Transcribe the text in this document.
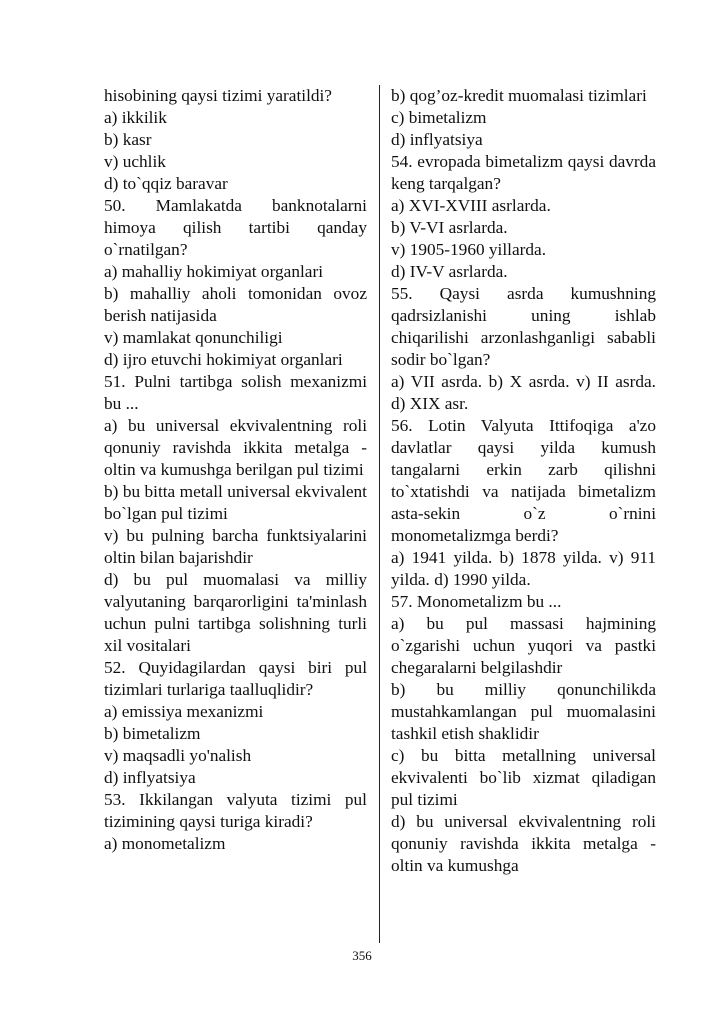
hisobining qaysi tizimi yaratildi?

a) ikkilik

b) kasr

v) uchlik

d) to`qqiz baravar

50. Mamlakatda banknotalarni himoya qilish tartibi qanday o`rnatilgan?

a) mahalliy hokimiyat organlari

b) mahalliy aholi tomonidan ovoz berish natijasida

v) mamlakat qonunchiligi

d) ijro etuvchi hokimiyat organlari

51. Pulni tartibga solish mexanizmi bu ...

a) bu universal ekvivalentning roli qonuniy ravishda ikkita metalga - oltin va kumushga berilgan pul tizimi

b) bu bitta metall universal ekvivalent bo`lgan pul tizimi

v) bu pulning barcha funktsiyalarini oltin bilan bajarishdir

d) bu pul muomalasi va milliy valyutaning barqarorligini ta'minlash uchun pulni tartibga solishning turli xil vositalari

52. Quyidagilardan qaysi biri pul tizimlari turlariga taalluqlidir?

a) emissiya mexanizmi

b) bimetalizm

v) maqsadli yo'nalish

d) inflyatsiya

53. Ikkilangan valyuta tizimi pul tizimining qaysi turiga kiradi?

a) monometalizm

b) qog’oz-kredit muomalasi tizimlari

c) bimetalizm

d) inflyatsiya

54. evropada bimetalizm qaysi davrda keng tarqalgan?

a) XVI-XVIII asrlarda.

b) V-VI asrlarda.

v) 1905-1960 yillarda.

d) IV-V asrlarda.

55. Qaysi asrda kumushning qadrsizlanishi uning ishlab chiqarilishi arzonlashganligi sababli sodir bo`lgan?

a) VII asrda. b) X asrda. v) II asrda. d) XIX asr.

56. Lotin Valyuta Ittifoqiga a'zo davlatlar qaysi yilda kumush tangalarni erkin zarb qilishni to`xtatishdi va natijada bimetalizm asta-sekin o`z o`rnini monometalizmga berdi?

a) 1941 yilda. b) 1878 yilda. v) 911 yilda. d) 1990 yilda.

57. Monometalizm bu ...

a) bu pul massasi hajmining o`zgarishi uchun yuqori va pastki chegaralarni belgilashdir

b) bu milliy qonunchilikda mustahkamlangan pul muomalasini tashkil etish shaklidir

c) bu bitta metallning universal ekvivalenti bo`lib xizmat qiladigan pul tizimi

d) bu universal ekvivalentning roli qonuniy ravishda ikkita metalga - oltin va kumushga

356
